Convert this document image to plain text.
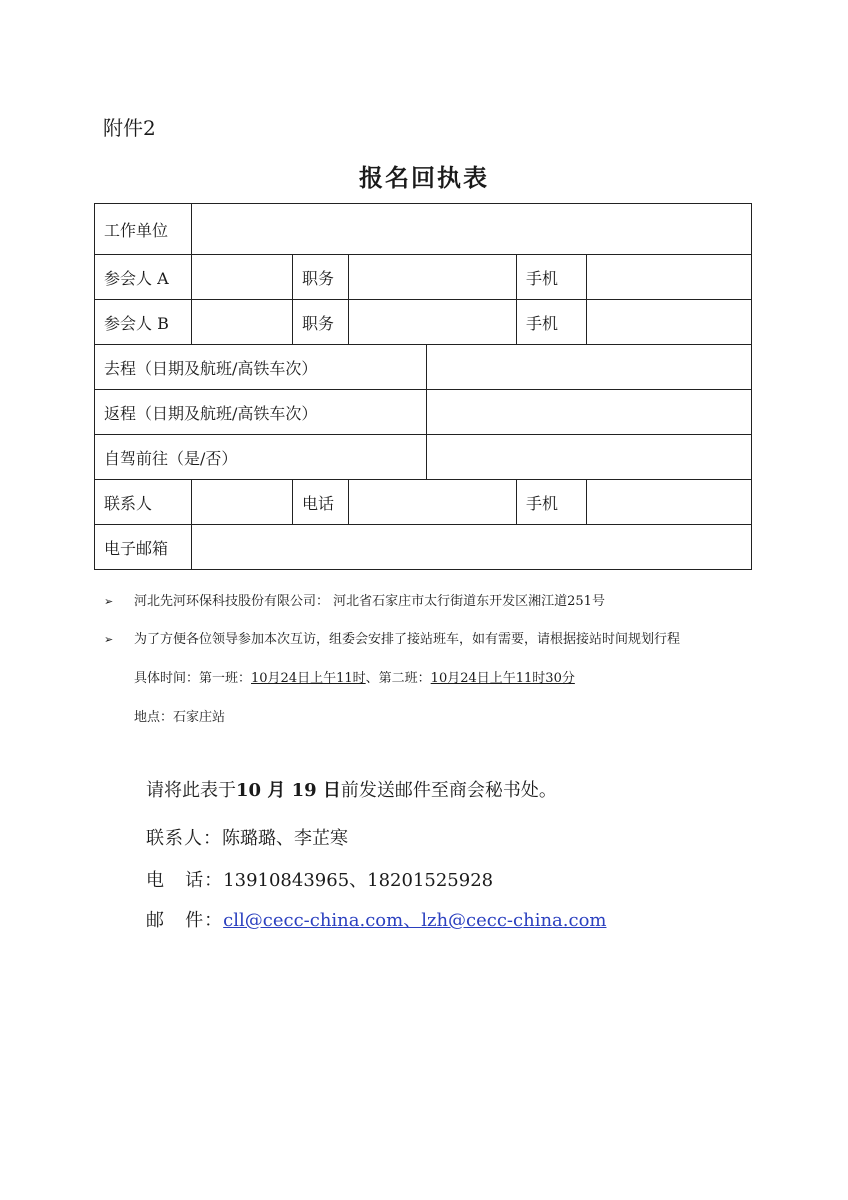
附件2
报名回执表
工作单位						
参会人 A		职务			手机	
参会人 B		职务			手机	
去程（日期及航班/高铁车次）						
返程（日期及航班/高铁车次）						
自驾前往（是/否）						
联系人		电话			手机	
电子邮箱						
➢ 河北先河环保科技股份有限公司： 河北省石家庄市太行街道东开发区湘江道251号
➢ 为了方便各位领导参加本次互访，组委会安排了接站班车，如有需要，请根据接站时间规划行程
具体时间：第一班：10月24日上午11时、第二班：10月24日上午11时30分
地点：石家庄站
请将此表于10 月 19 日前发送邮件至商会秘书处。
联系人：陈璐璐、李芷寒
电   话：13910843965、18201525928
邮   件：cll@cecc-china.com、lzh@cecc-china.com
